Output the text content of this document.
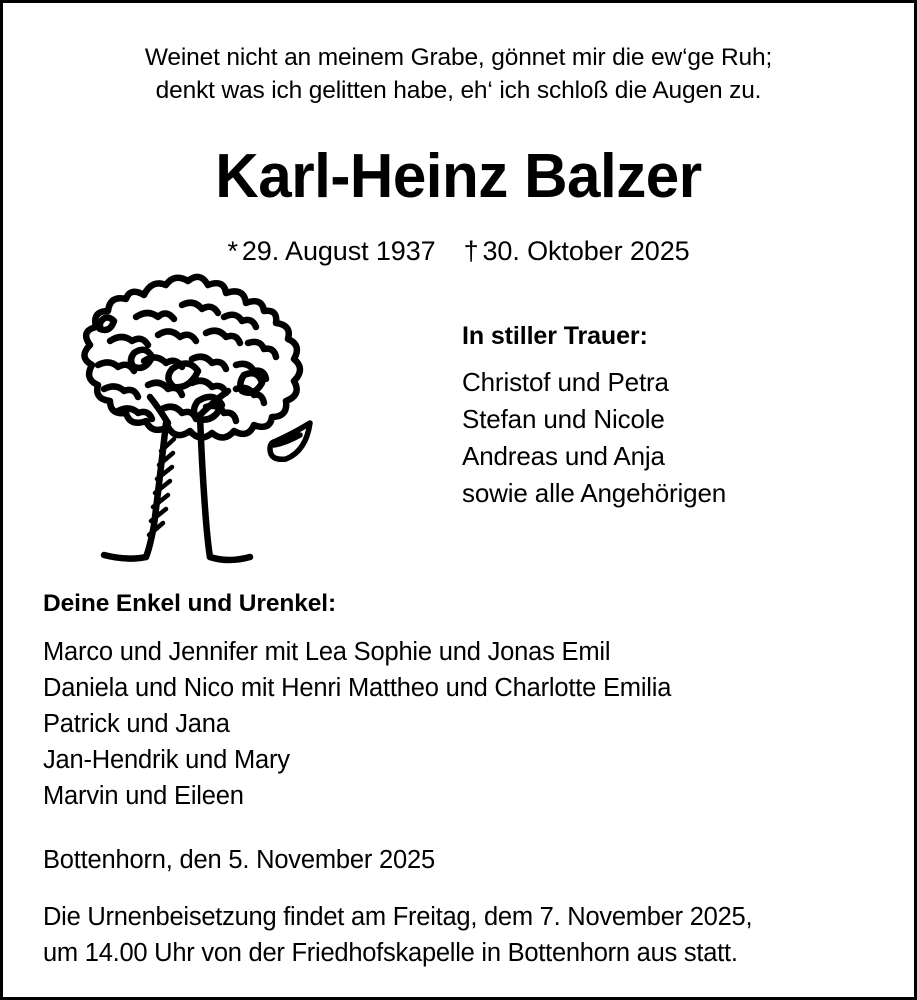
Weinet nicht an meinem Grabe, gönnet mir die ew‘ge Ruh;
denkt was ich gelitten habe, eh‘ ich schloß die Augen zu.
Karl-Heinz Balzer
* 29. August 1937 † 30. Oktober 2025
In stiller Trauer:
Christof und Petra
Stefan und Nicole
Andreas und Anja
sowie alle Angehörigen
Deine Enkel und Urenkel:
Marco und Jennifer mit Lea Sophie und Jonas Emil
Daniela und Nico mit Henri Mattheo und Charlotte Emilia
Patrick und Jana
Jan-Hendrik und Mary
Marvin und Eileen
Bottenhorn, den 5. November 2025
Die Urnenbeisetzung findet am Freitag, dem 7. November 2025,
um 14.00 Uhr von der Friedhofskapelle in Bottenhorn aus statt.
